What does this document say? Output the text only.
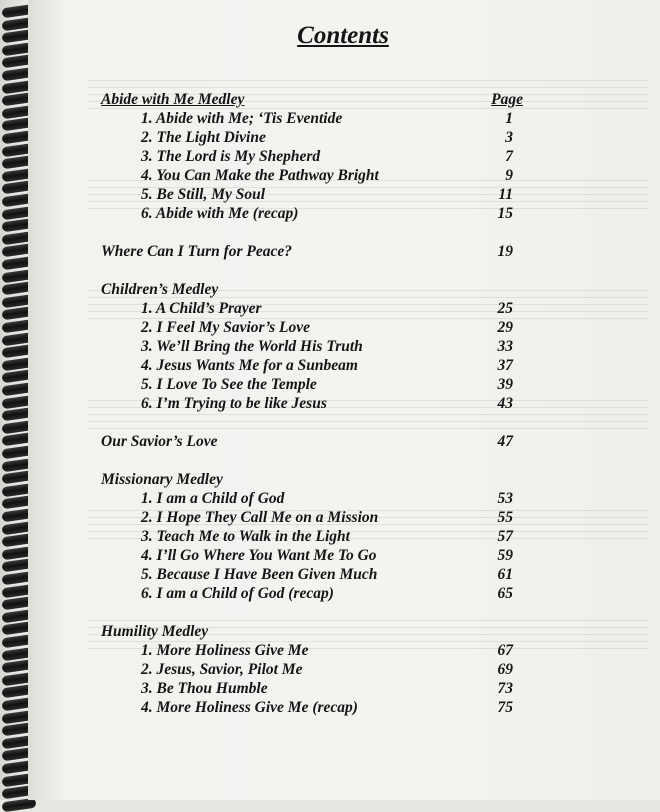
Contents
Abide with Me Medley	Page
1. Abide with Me; ‘Tis Eventide	1
2. The Light Divine	3
3. The Lord is My Shepherd	7
4. You Can Make the Pathway Bright	9
5. Be Still, My Soul	11
6. Abide with Me (recap)	15
Where Can I Turn for Peace?	19
Children’s Medley
1. A Child’s Prayer	25
2. I Feel My Savior’s Love	29
3. We’ll Bring the World His Truth	33
4. Jesus Wants Me for a Sunbeam	37
5. I Love To See the Temple	39
6. I’m Trying to be like Jesus	43
Our Savior’s Love	47
Missionary Medley
1. I am a Child of God	53
2. I Hope They Call Me on a Mission	55
3. Teach Me to Walk in the Light	57
4. I’ll Go Where You Want Me To Go	59
5. Because I Have Been Given Much	61
6. I am a Child of God (recap)	65
Humility Medley
1. More Holiness Give Me	67
2. Jesus, Savior, Pilot Me	69
3. Be Thou Humble	73
4. More Holiness Give Me (recap)	75
